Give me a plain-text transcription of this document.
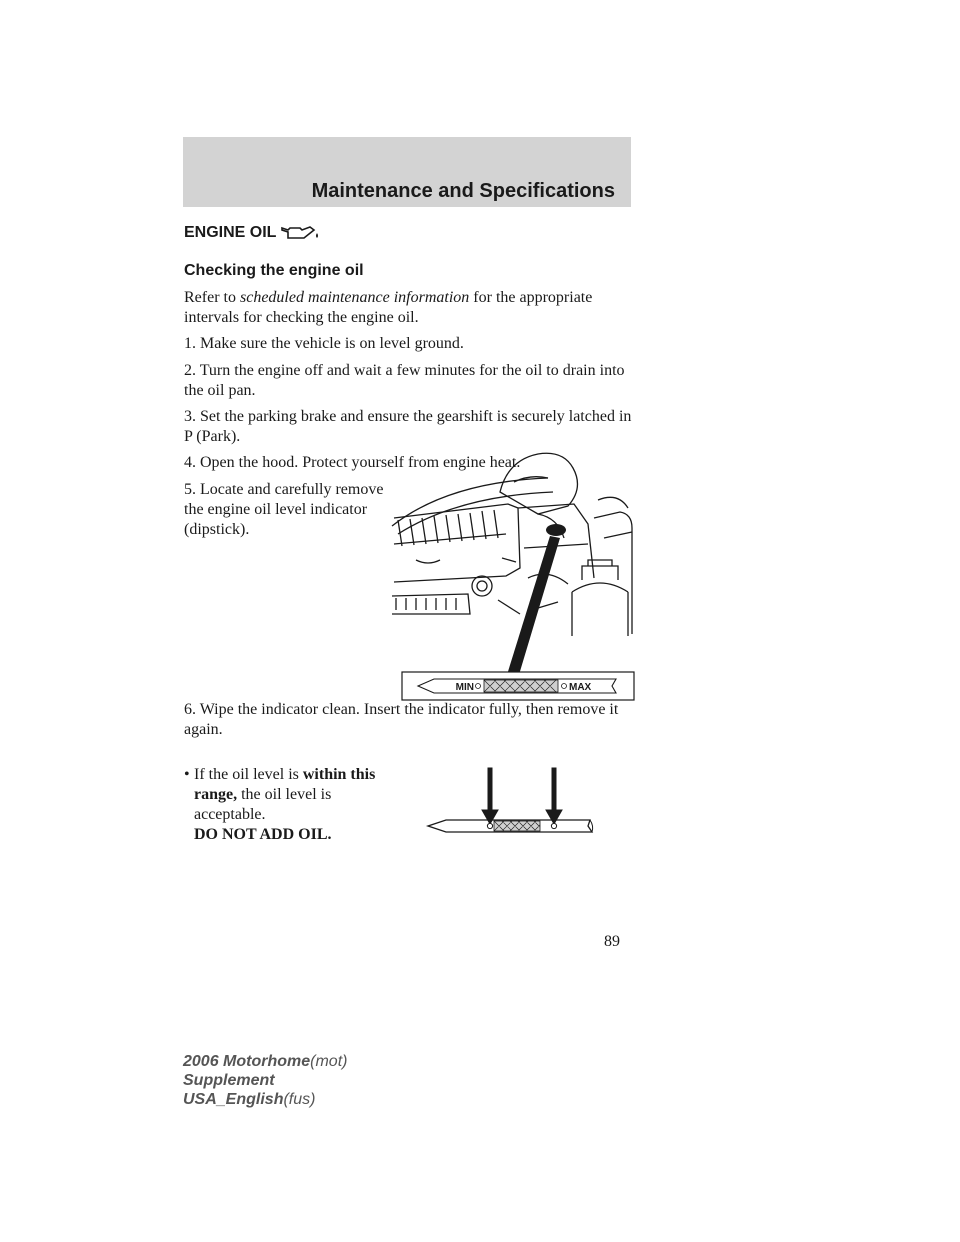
Maintenance and Specifications
ENGINE OIL
Checking the engine oil
Refer to scheduled maintenance information for the appropriate intervals for checking the engine oil.
1. Make sure the vehicle is on level ground.
2. Turn the engine off and wait a few minutes for the oil to drain into the oil pan.
3. Set the parking brake and ensure the gearshift is securely latched in P (Park).
4. Open the hood. Protect yourself from engine heat.
5. Locate and carefully remove the engine oil level indicator (dipstick).
MIN	MAX
6. Wipe the indicator clean. Insert the indicator fully, then remove it again.
• If the oil level is within this range, the oil level is acceptable.
DO NOT ADD OIL.
89
2006 Motorhome(mot)
Supplement
USA_English(fus)
